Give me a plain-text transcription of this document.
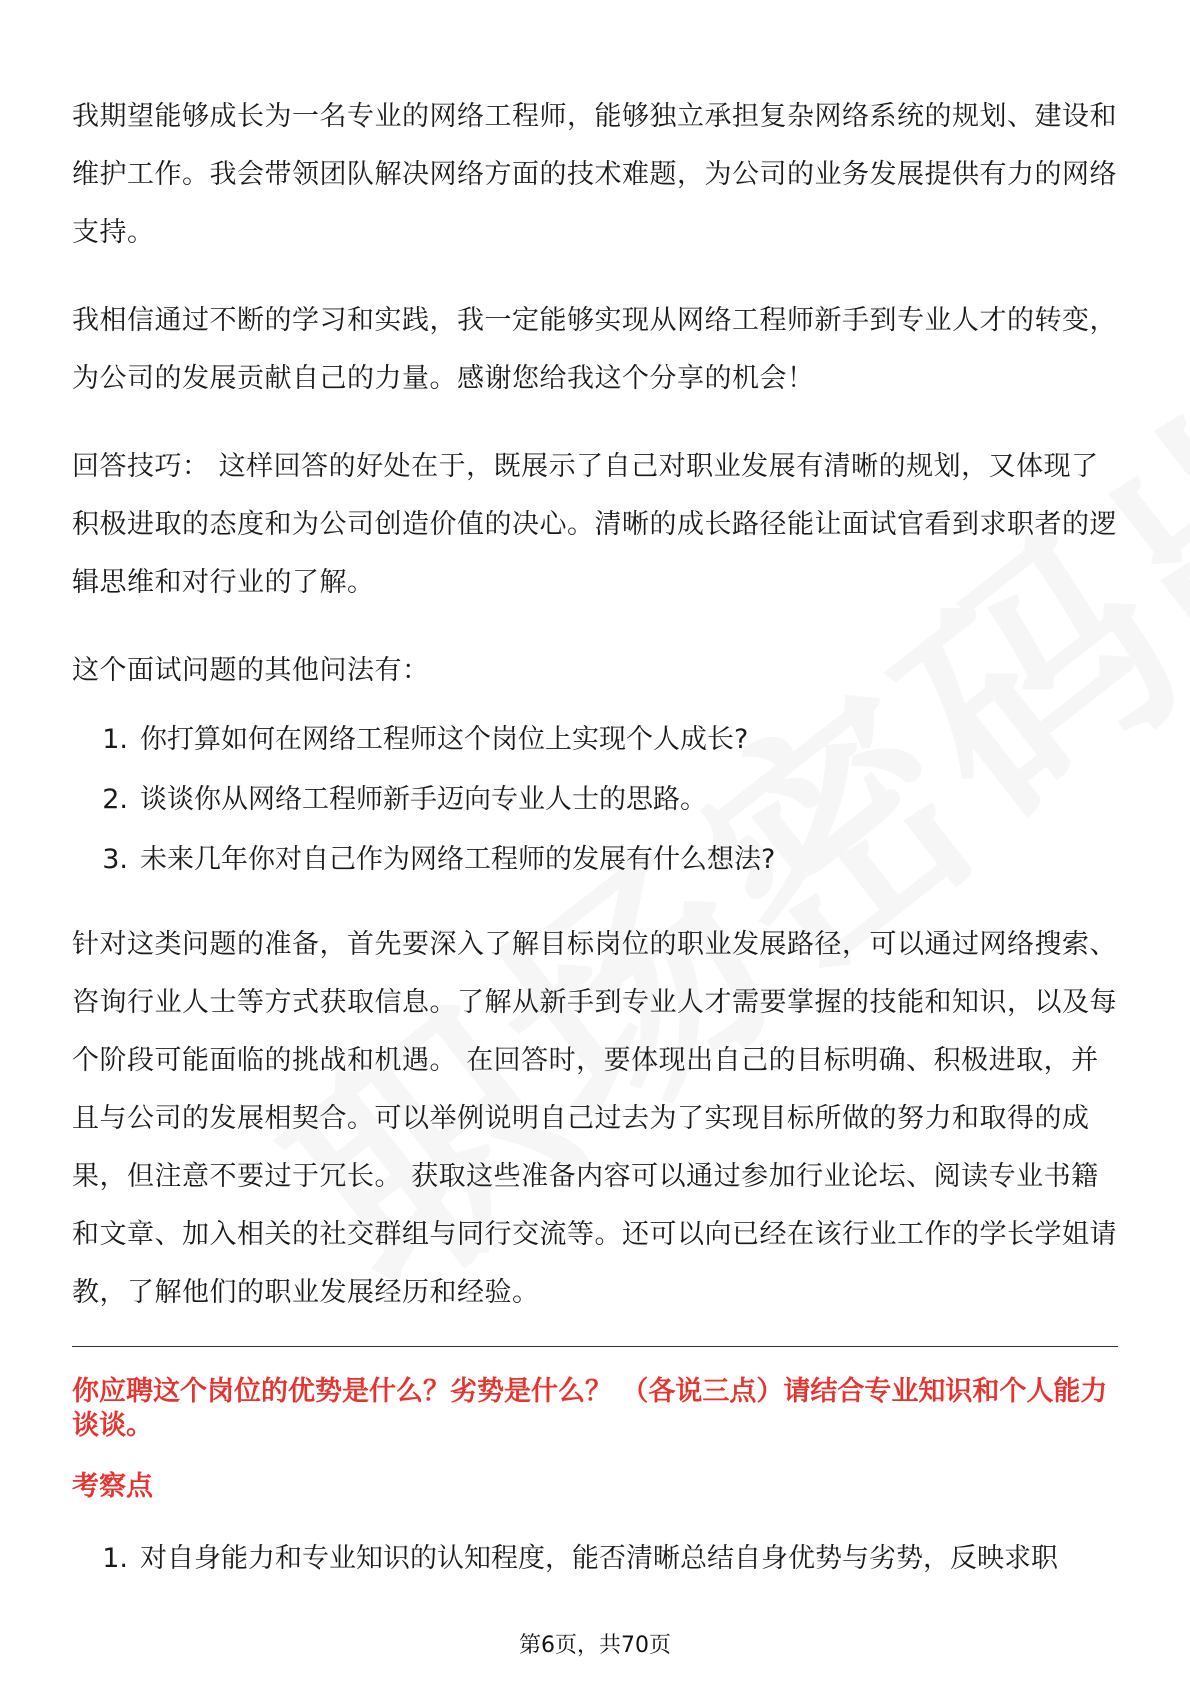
我期望能够成长为一名专业的网络工程师，能够独立承担复杂网络系统的规划、建设和维护工作。我会带领团队解决网络方面的技术难题，为公司的业务发展提供有力的网络支持。

我相信通过不断的学习和实践，我一定能够实现从网络工程师新手到专业人才的转变，为公司的发展贡献自己的力量。感谢您给我这个分享的机会！

回答技巧： 这样回答的好处在于，既展示了自己对职业发展有清晰的规划，又体现了积极进取的态度和为公司创造价值的决心。清晰的成长路径能让面试官看到求职者的逻辑思维和对行业的了解。

这个面试问题的其他问法有：

1. 你打算如何在网络工程师这个岗位上实现个人成长?
2. 谈谈你从网络工程师新手迈向专业人士的思路。
3. 未来几年你对自己作为网络工程师的发展有什么想法?

针对这类问题的准备，首先要深入了解目标岗位的职业发展路径，可以通过网络搜索、咨询行业人士等方式获取信息。了解从新手到专业人才需要掌握的技能和知识，以及每个阶段可能面临的挑战和机遇。 在回答时，要体现出自己的目标明确、积极进取，并且与公司的发展相契合。可以举例说明自己过去为了实现目标所做的努力和取得的成果，但注意不要过于冗长。 获取这些准备内容可以通过参加行业论坛、阅读专业书籍和文章、加入相关的社交群组与同行交流等。还可以向已经在该行业工作的学长学姐请教，了解他们的职业发展经历和经验。

你应聘这个岗位的优势是什么？劣势是什么？ （各说三点）请结合专业知识和个人能力谈谈。
考察点
1. 对自身能力和专业知识的认知程度，能否清晰总结自身优势与劣势，反映求职
第6页，共70页
